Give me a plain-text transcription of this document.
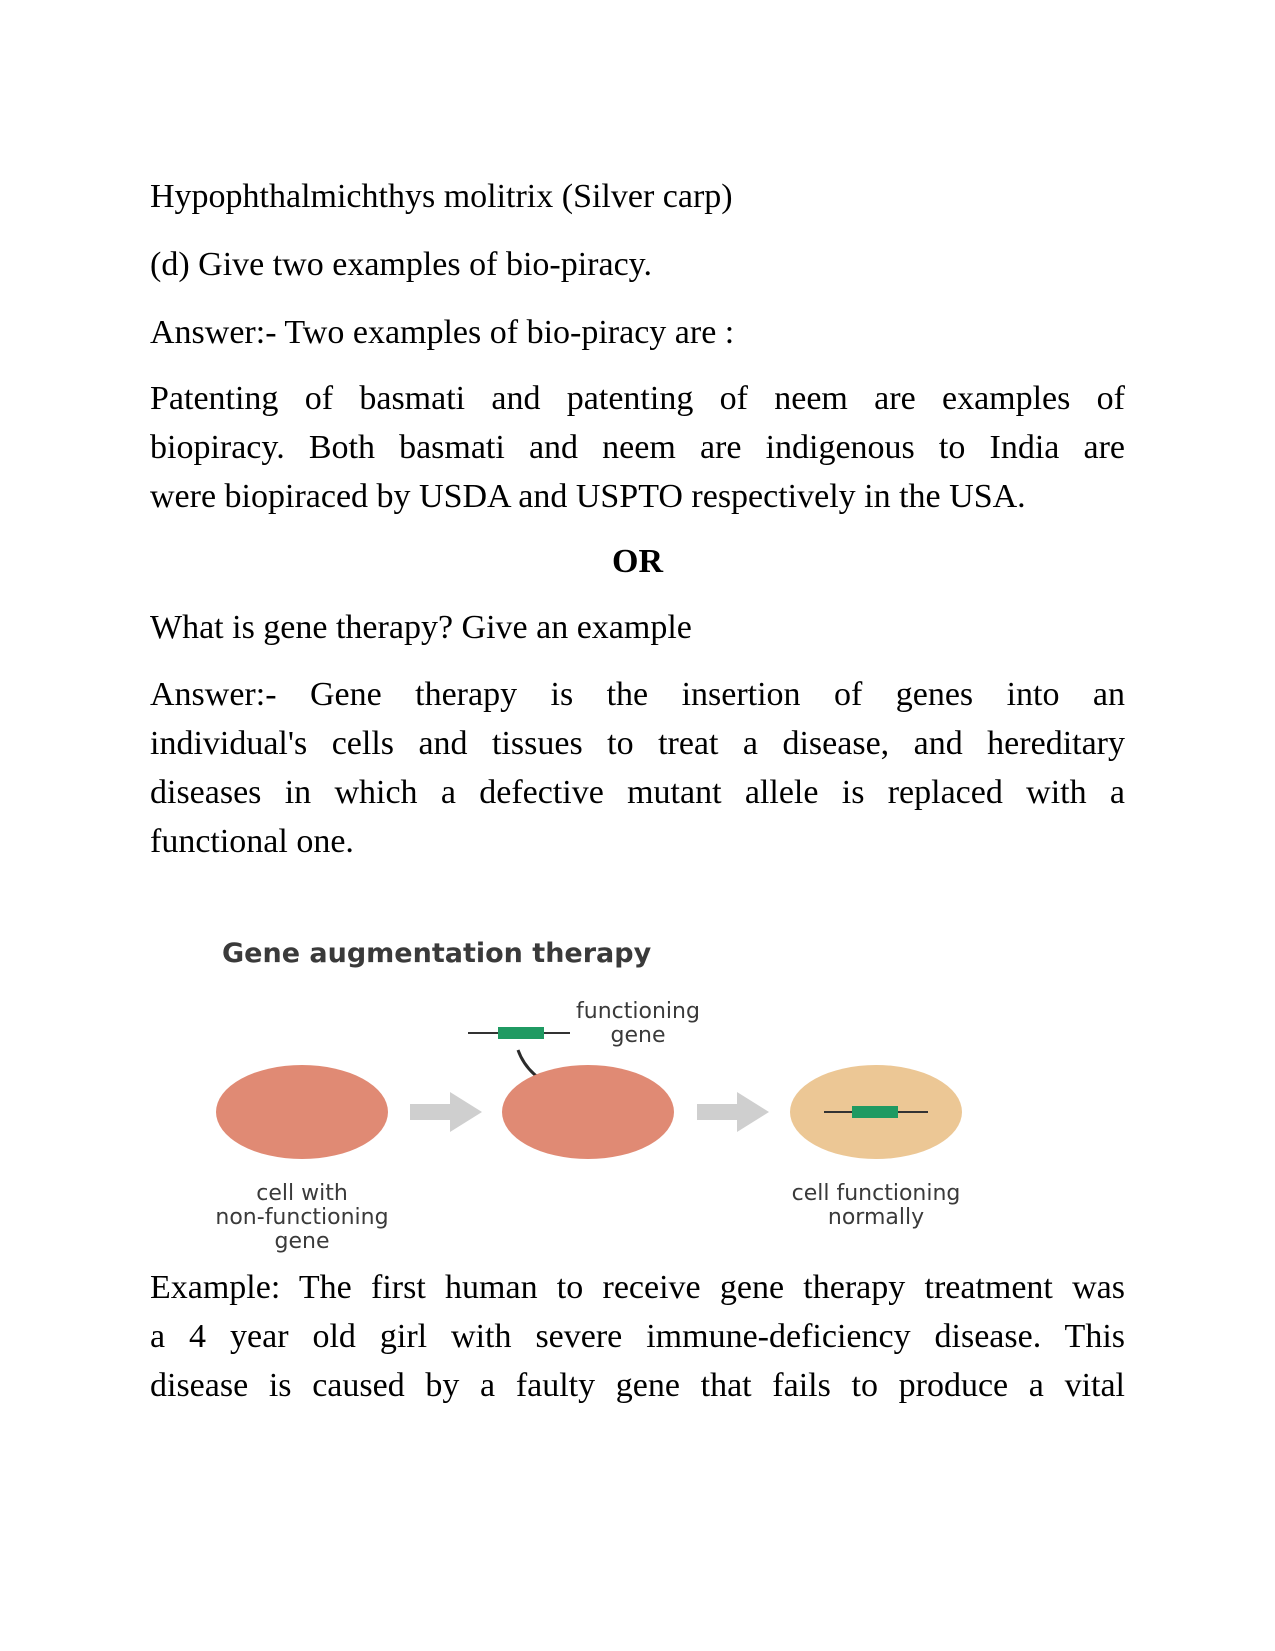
Hypophthalmichthys molitrix (Silver carp)

(d) Give two examples of bio-piracy.

Answer:- Two examples of bio-piracy are :

Patenting of basmati and patenting of neem are examples of
biopiracy. Both basmati and neem are indigenous to India are
were biopiraced by USDA and USPTO respectively in the USA.
OR

What is gene therapy? Give an example

Answer:- Gene therapy is the insertion of genes into an
individual's cells and tissues to treat a disease, and hereditary
diseases in which a defective mutant allele is replaced with a
functional one.
Gene augmentation therapy
functioning
gene
cell with
non-functioning
gene
cell functioning
normally
Example: The first human to receive gene therapy treatment was
a 4 year old girl with severe immune-deficiency disease. This
disease is caused by a faulty gene that fails to produce a vital
